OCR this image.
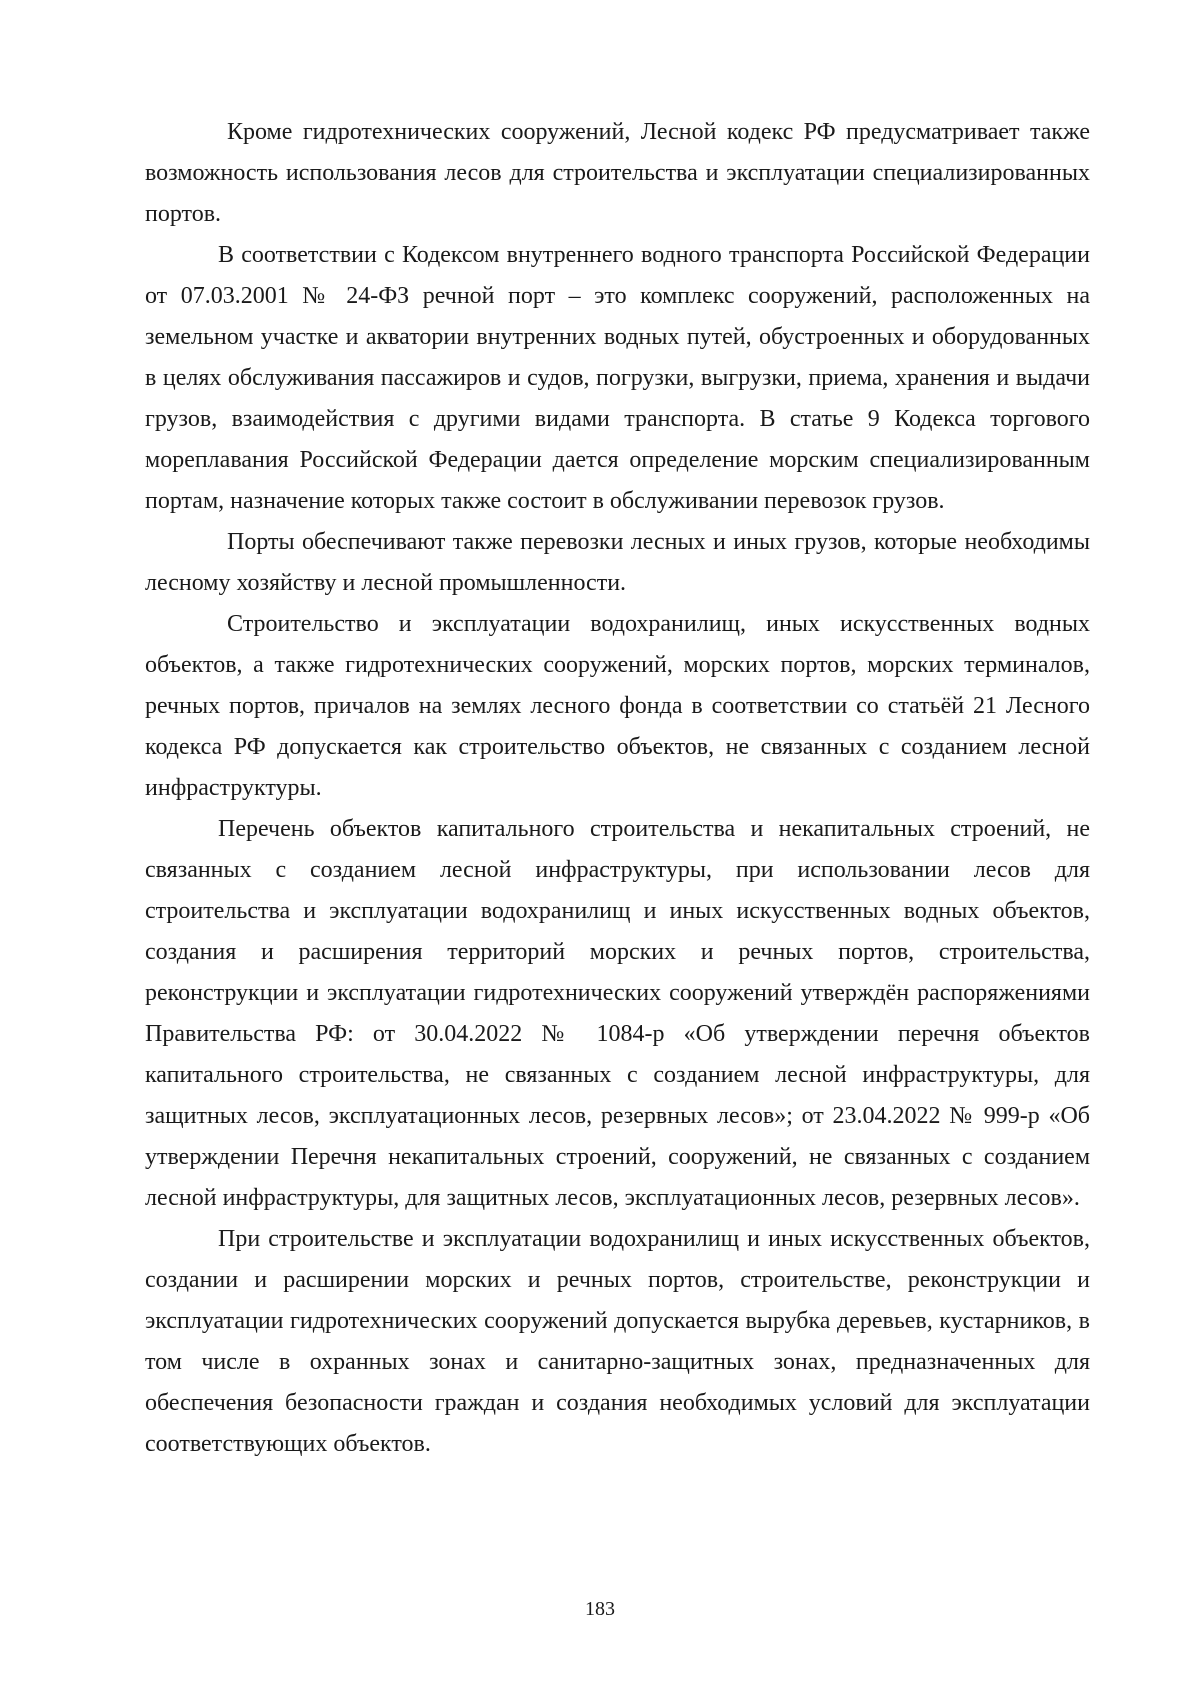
Кроме гидротехнических сооружений, Лесной кодекс РФ предусматривает также возможность использования лесов для строительства и эксплуатации специализированных портов.

В соответствии с Кодексом внутреннего водного транспорта Российской Федерации от 07.03.2001 № 24-ФЗ речной порт – это комплекс сооружений, расположенных на земельном участке и акватории внутренних водных путей, обустроенных и оборудованных в целях обслуживания пассажиров и судов, погрузки, выгрузки, приема, хранения и выдачи грузов, взаимодействия с другими видами транспорта. В статье 9 Кодекса торгового мореплавания Российской Федерации дается определение морским специализированным портам, назначение которых также состоит в обслуживании перевозок грузов.

Порты обеспечивают также перевозки лесных и иных грузов, которые необходимы лесному хозяйству и лесной промышленности.

Строительство и эксплуатации водохранилищ, иных искусственных водных объектов, а также гидротехнических сооружений, морских портов, морских терминалов, речных портов, причалов на землях лесного фонда в соответствии со статьёй 21 Лесного кодекса РФ допускается как строительство объектов, не связанных с созданием лесной инфраструктуры.

Перечень объектов капитального строительства и некапитальных строений, не связанных с созданием лесной инфраструктуры, при использовании лесов для строительства и эксплуатации водохранилищ и иных искусственных водных объектов, создания и расширения территорий морских и речных портов, строительства, реконструкции и эксплуатации гидротехнических сооружений утверждён распоряжениями Правительства РФ: от 30.04.2022 № 1084-р «Об утверждении перечня объектов капитального строительства, не связанных с созданием лесной инфраструктуры, для защитных лесов, эксплуатационных лесов, резервных лесов»; от 23.04.2022 № 999-р «Об утверждении Перечня некапитальных строений, сооружений, не связанных с созданием лесной инфраструктуры, для защитных лесов, эксплуатационных лесов, резервных лесов».

При строительстве и эксплуатации водохранилищ и иных искусственных объектов, создании и расширении морских и речных портов, строительстве, реконструкции и эксплуатации гидротехнических сооружений допускается вырубка деревьев, кустарников, в том числе в охранных зонах и санитарно-защитных зонах, предназначенных для обеспечения безопасности граждан и создания необходимых условий для эксплуатации соответствующих объектов.

183
